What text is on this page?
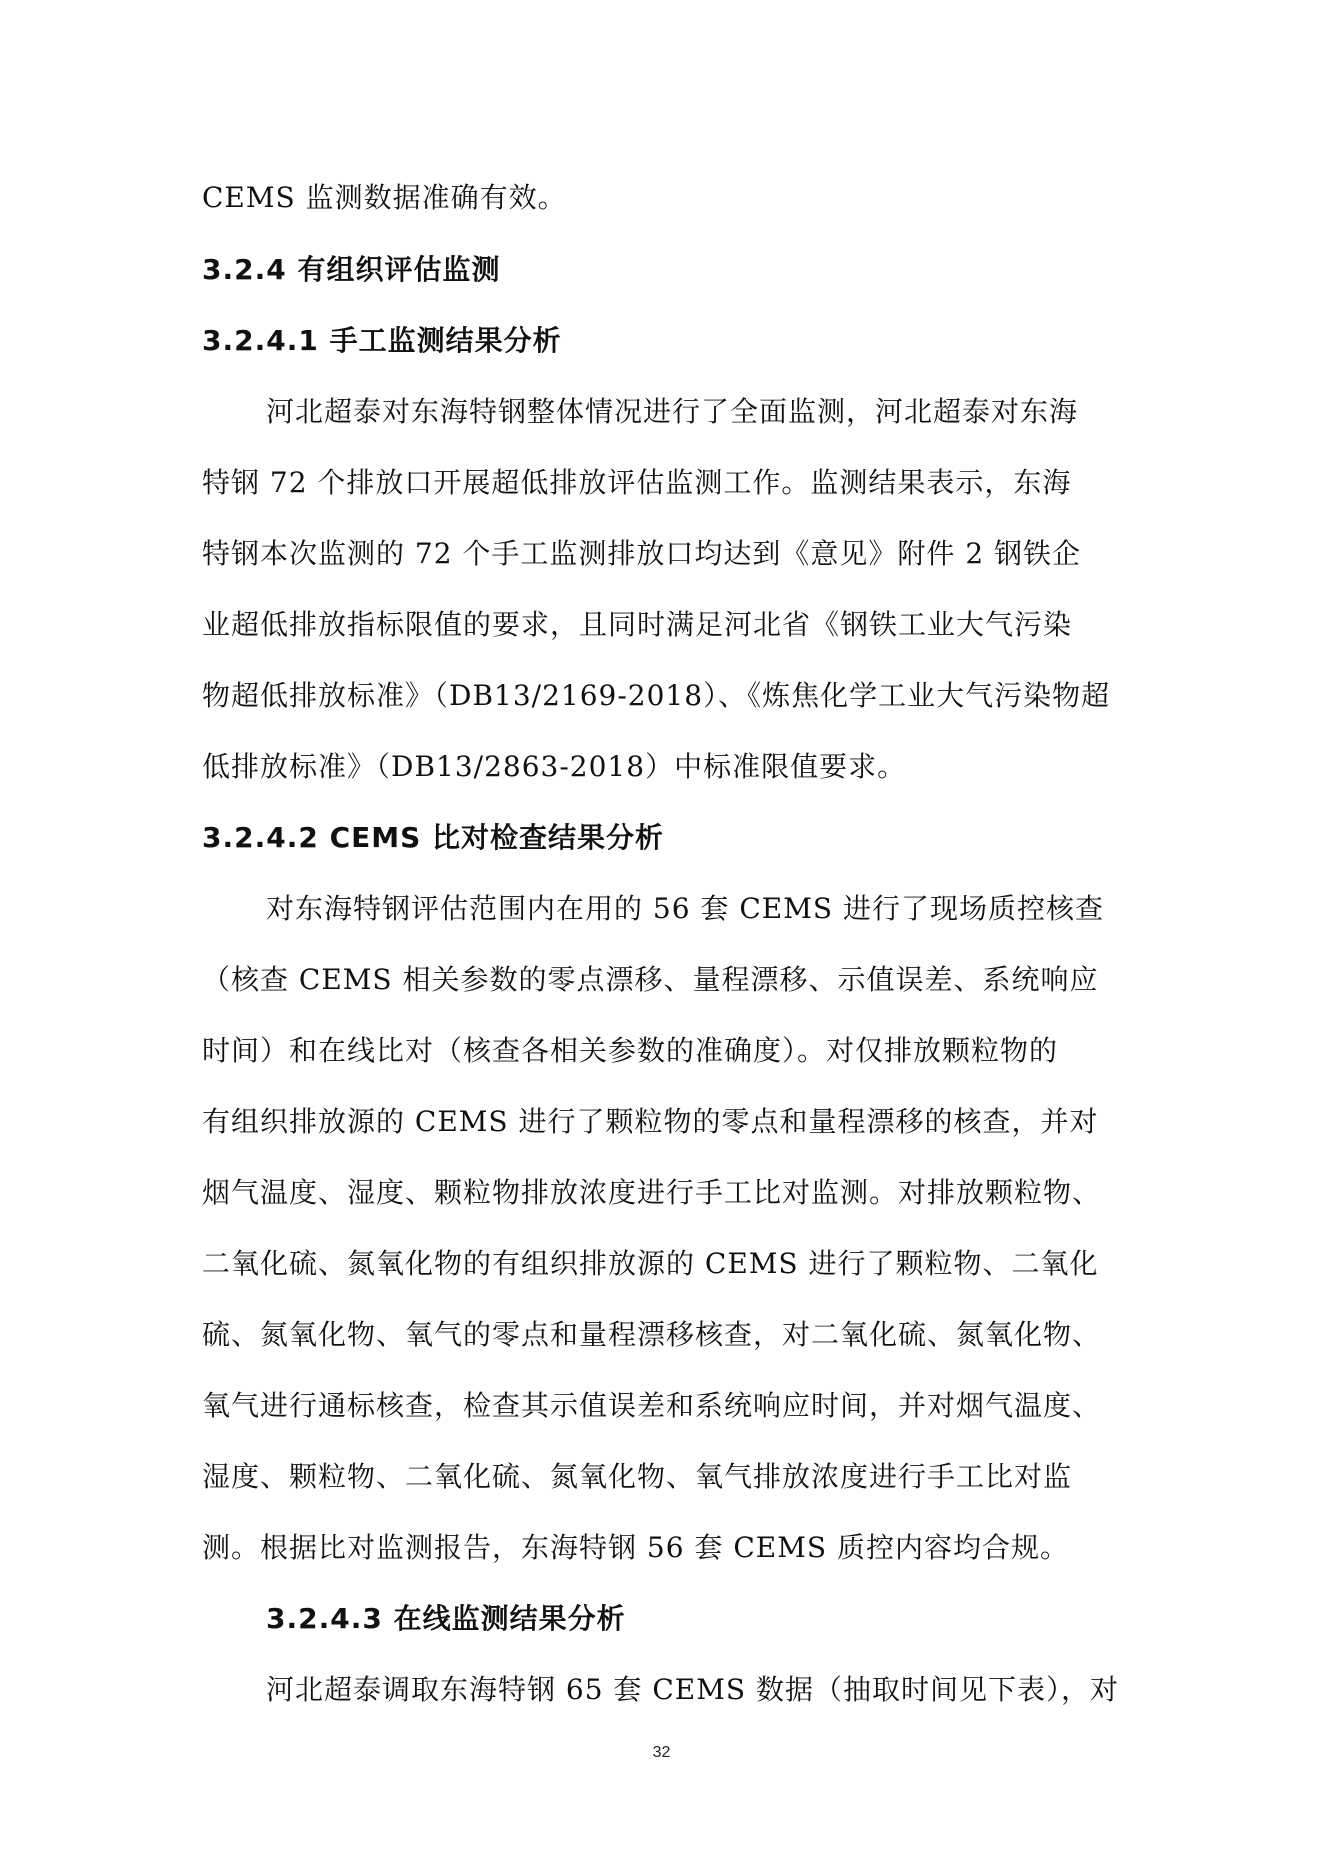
CEMS 监测数据准确有效。
3.2.4 有组织评估监测
3.2.4.1 手工监测结果分析
河北超泰对东海特钢整体情况进行了全面监测，河北超泰对东海
特钢 72 个排放口开展超低排放评估监测工作。监测结果表示，东海
特钢本次监测的 72 个手工监测排放口均达到《意见》附件 2 钢铁企
业超低排放指标限值的要求，且同时满足河北省《钢铁工业大气污染
物超低排放标准》（DB13/2169-2018）、《炼焦化学工业大气污染物超
低排放标准》（DB13/2863-2018）中标准限值要求。
3.2.4.2 CEMS 比对检查结果分析
对东海特钢评估范围内在用的 56 套 CEMS 进行了现场质控核查
（核查 CEMS 相关参数的零点漂移、量程漂移、示值误差、系统响应
时间）和在线比对（核查各相关参数的准确度）。对仅排放颗粒物的
有组织排放源的 CEMS 进行了颗粒物的零点和量程漂移的核查，并对
烟气温度、湿度、颗粒物排放浓度进行手工比对监测。对排放颗粒物、
二氧化硫、氮氧化物的有组织排放源的 CEMS 进行了颗粒物、二氧化
硫、氮氧化物、氧气的零点和量程漂移核查，对二氧化硫、氮氧化物、
氧气进行通标核查，检查其示值误差和系统响应时间，并对烟气温度、
湿度、颗粒物、二氧化硫、氮氧化物、氧气排放浓度进行手工比对监
测。根据比对监测报告，东海特钢 56 套 CEMS 质控内容均合规。
3.2.4.3 在线监测结果分析
河北超泰调取东海特钢 65 套 CEMS 数据（抽取时间见下表），对
32
